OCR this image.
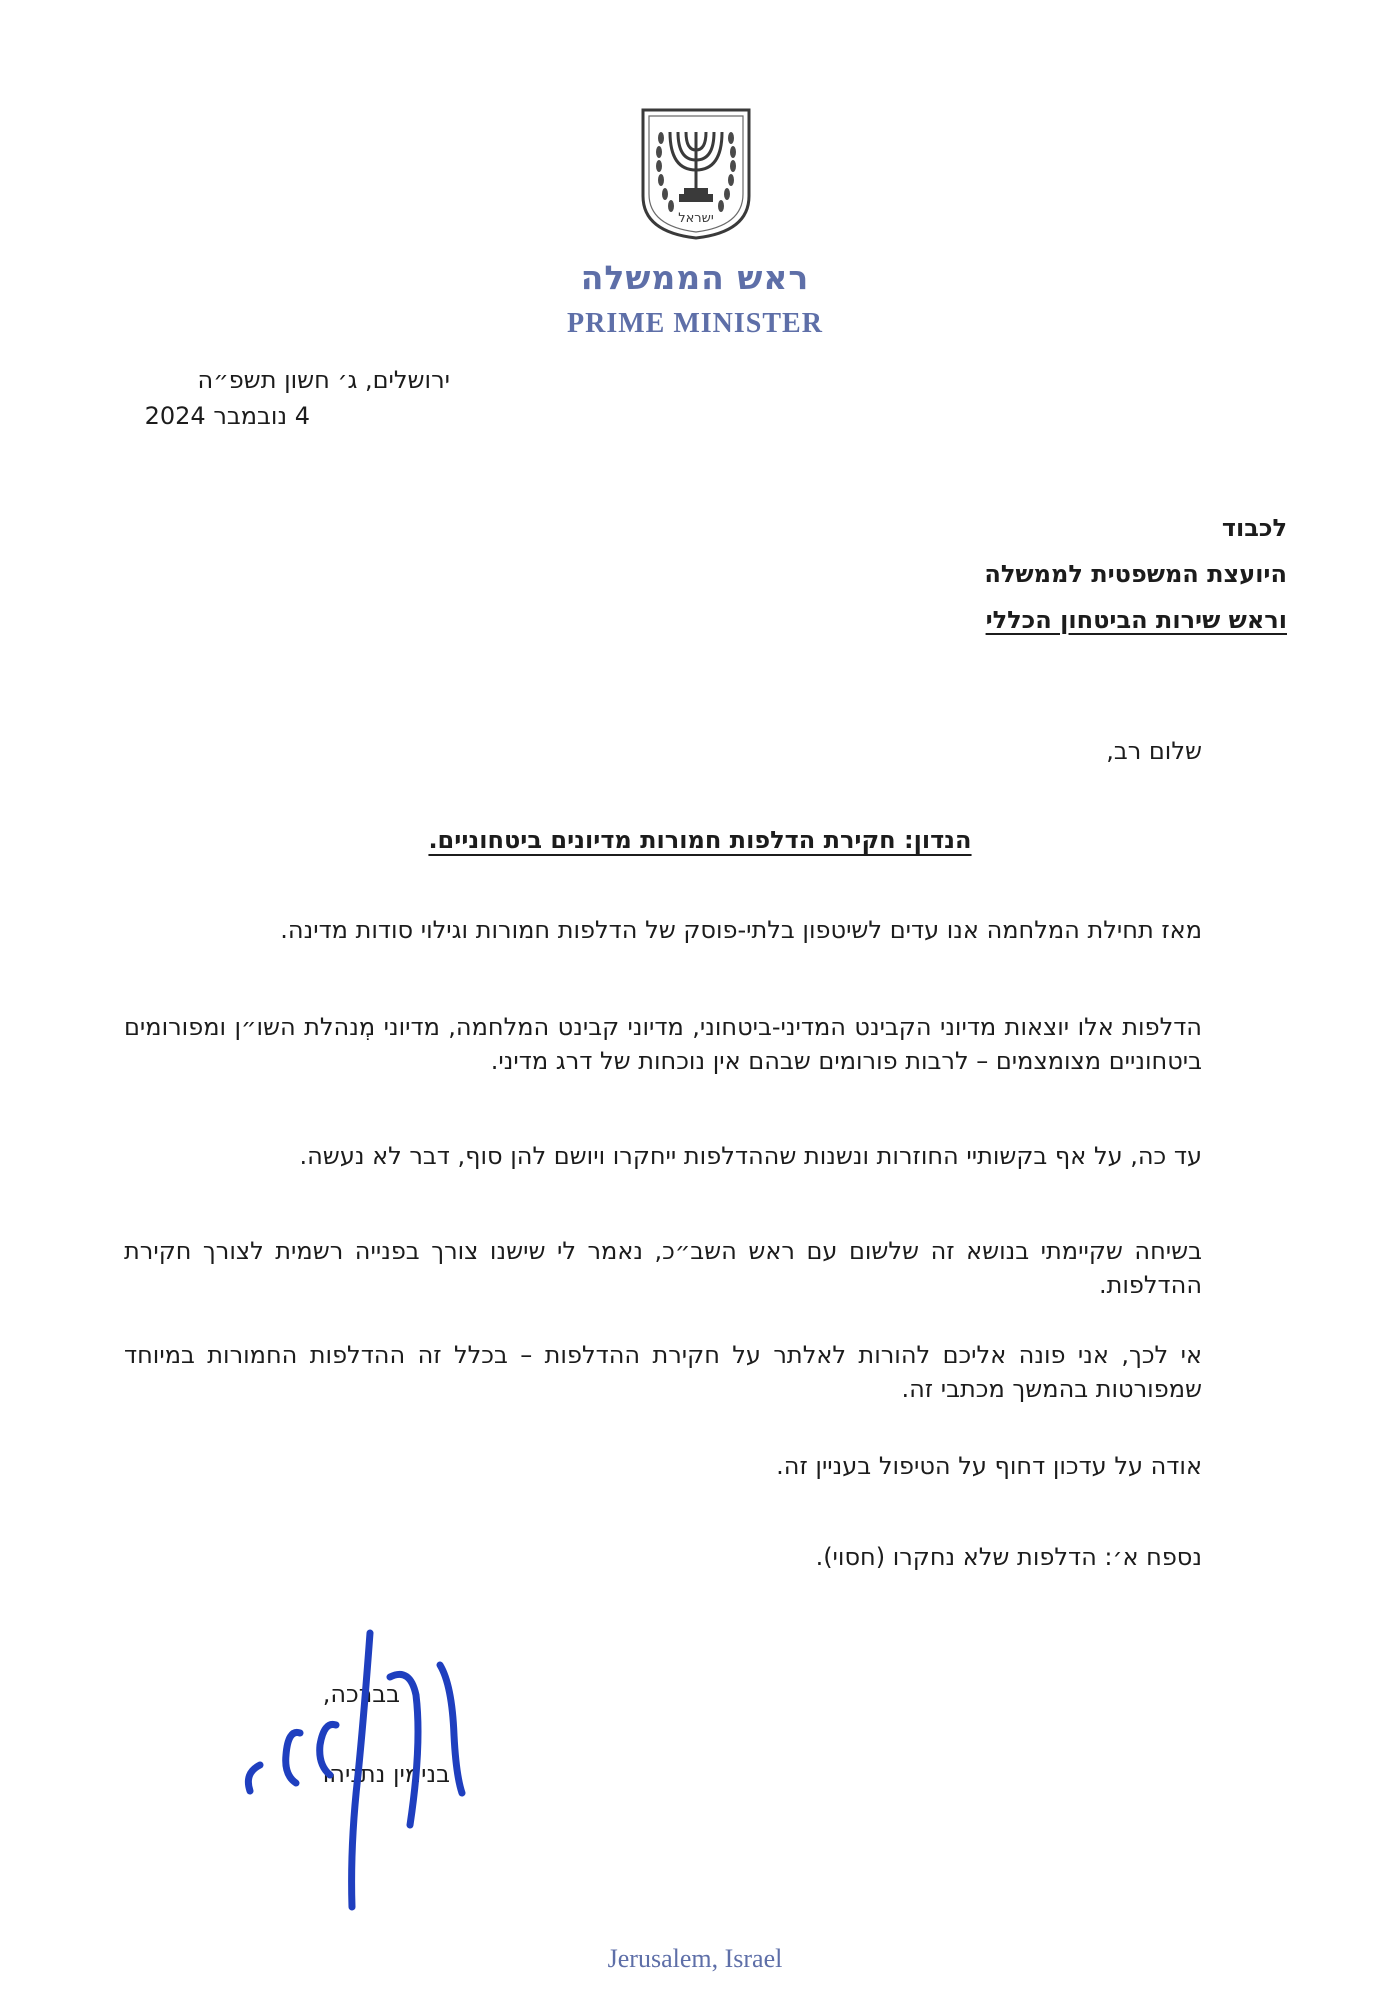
ישראל
ראש הממשלה
PRIME MINISTER
ירושלים, ג׳ חשון תשפ״ה
4 נובמבר 2024
לכבוד
היועצת המשפטית לממשלה
וראש שירות הביטחון הכללי
שלום רב,
הנדון: חקירת הדלפות חמורות מדיונים ביטחוניים.
מאז תחילת המלחמה אנו עדים לשיטפון בלתי-פוסק של הדלפות חמורות וגילוי סודות מדינה.
הדלפות אלו יוצאות מדיוני הקבינט המדיני-ביטחוני, מדיוני קבינט המלחמה, מדיוני מְנהלת השו״ן ומפורומים ביטחוניים מצומצמים – לרבות פורומים שבהם אין נוכחות של דרג מדיני.
עד כה, על אף בקשותיי החוזרות ונשנות שההדלפות ייחקרו ויושם להן סוף, דבר לא נעשה.
בשיחה שקיימתי בנושא זה שלשום עם ראש השב״כ, נאמר לי שישנו צורך בפנייה רשמית לצורך חקירת ההדלפות.
אי לכך, אני פונה אליכם להורות לאלתר על חקירת ההדלפות – בכלל זה ההדלפות החמורות במיוחד שמפורטות בהמשך מכתבי זה.
אודה על עדכון דחוף על הטיפול בעניין זה.
נספח א׳: הדלפות שלא נחקרו (חסוי).
בברכה,
בנימין נתניהו
Jerusalem, Israel
